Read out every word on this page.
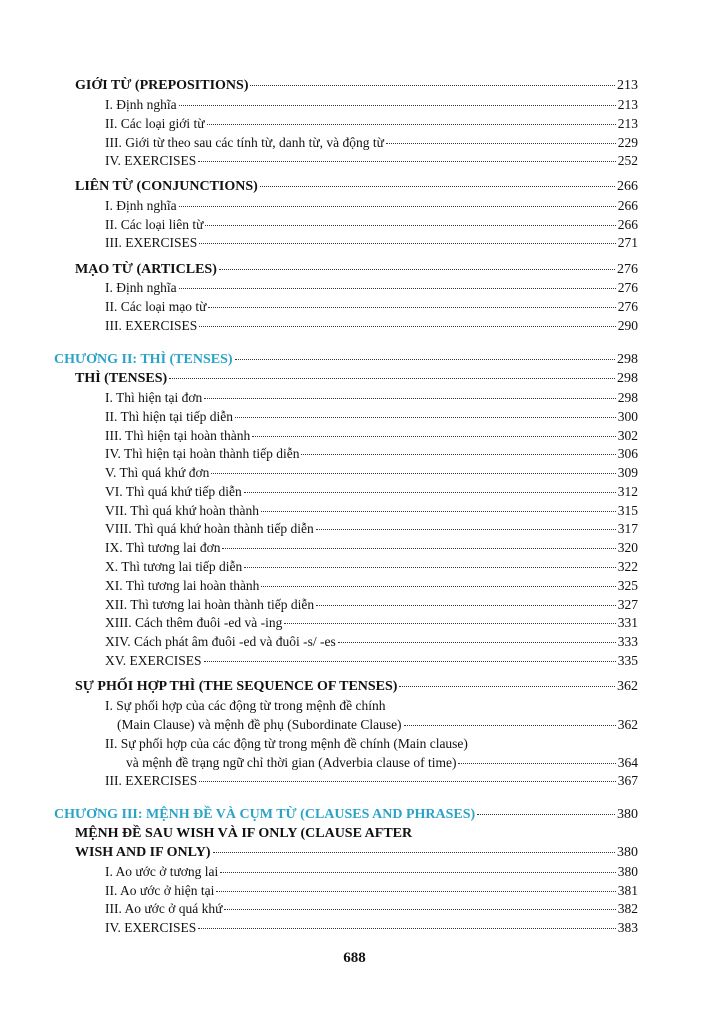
GIỚI TỪ (PREPOSITIONS)	213
I. Định nghĩa	213
II. Các loại giới từ	213
III. Giới từ theo sau các tính từ, danh từ, và động từ	229
IV. EXERCISES	252
LIÊN TỪ (CONJUNCTIONS)	266
I. Định nghĩa	266
II. Các loại liên từ	266
III. EXERCISES	271
MẠO TỪ (ARTICLES)	276
I. Định nghĩa	276
II. Các loại mạo từ	276
III. EXERCISES	290
CHƯƠNG II: THÌ (TENSES)	298
THÌ (TENSES)	298
I. Thì hiện tại đơn	298
II. Thì hiện tại tiếp diễn	300
III. Thì hiện tại hoàn thành	302
IV. Thì hiện tại hoàn thành tiếp diễn	306
V. Thì quá khứ đơn	309
VI. Thì quá khứ tiếp diễn	312
VII. Thì quá khứ hoàn thành	315
VIII. Thì quá khứ hoàn thành tiếp diễn	317
IX. Thì tương lai đơn	320
X. Thì tương lai tiếp diễn	322
XI. Thì tương lai hoàn thành	325
XII. Thì tương lai hoàn thành tiếp diễn	327
XIII. Cách thêm đuôi -ed và -ing	331
XIV. Cách phát âm đuôi -ed và đuôi -s/ -es	333
XV. EXERCISES	335
SỰ PHỐI HỢP THÌ (THE SEQUENCE OF TENSES)	362
I. Sự phối hợp của các động từ trong mệnh đề chính
(Main Clause) và mệnh đề phụ (Subordinate Clause)	362
II. Sự phối hợp của các động từ trong mệnh đề chính (Main clause)
và mệnh đề trạng ngữ chỉ thời gian (Adverbia clause of time)	364
III. EXERCISES	367
CHƯƠNG III: MỆNH ĐỀ VÀ CỤM TỪ (CLAUSES AND PHRASES)	380
MỆNH ĐỀ SAU WISH VÀ IF ONLY (CLAUSE AFTER
WISH AND IF ONLY)	380
I. Ao ước ở tương lai	380
II. Ao ước ở hiện tại	381
III. Ao ước ở quá khứ	382
IV. EXERCISES	383
688
